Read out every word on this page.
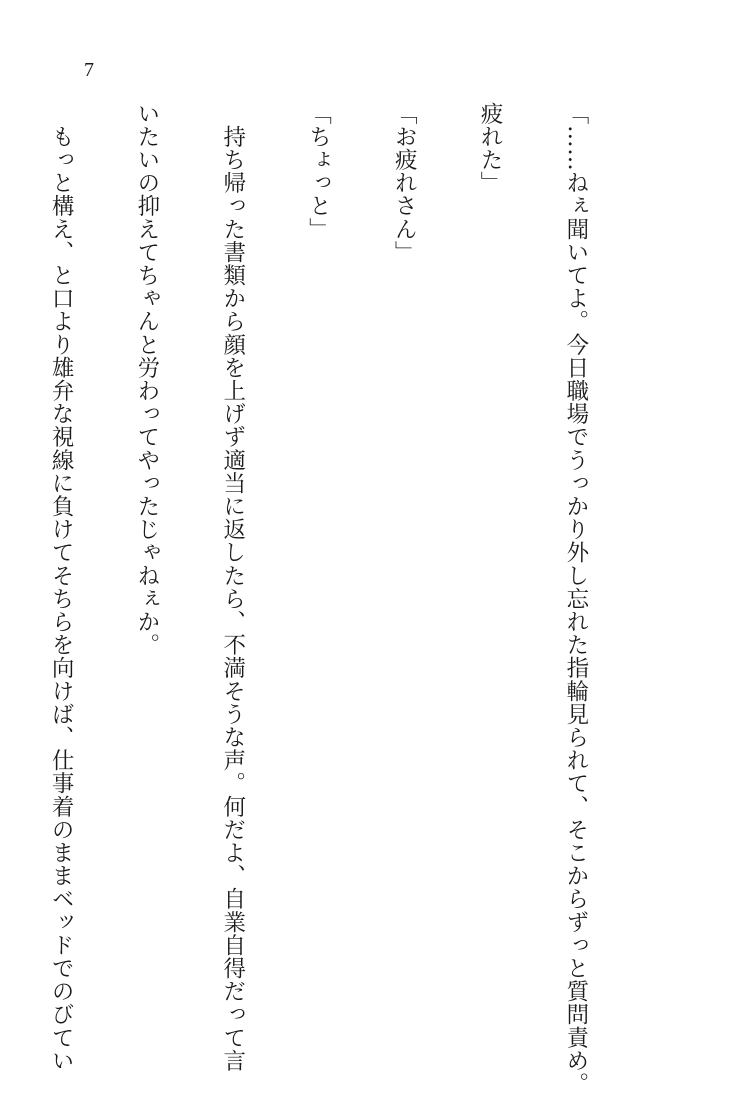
7

「……ねぇ聞いてよ。今日職場でうっかり外し忘れた指輪見られて、そこからずっと質問責め。

疲れた」

「お疲れさん」

「ちょっと」

　持ち帰った書類から顔を上げず適当に返したら、不満そうな声。何だよ、自業自得だって言

いたいの抑えてちゃんと労わってやったじゃねぇか。

　もっと構え、と口より雄弁な視線に負けてそちらを向けば、仕事着のままベッドでのびてい
